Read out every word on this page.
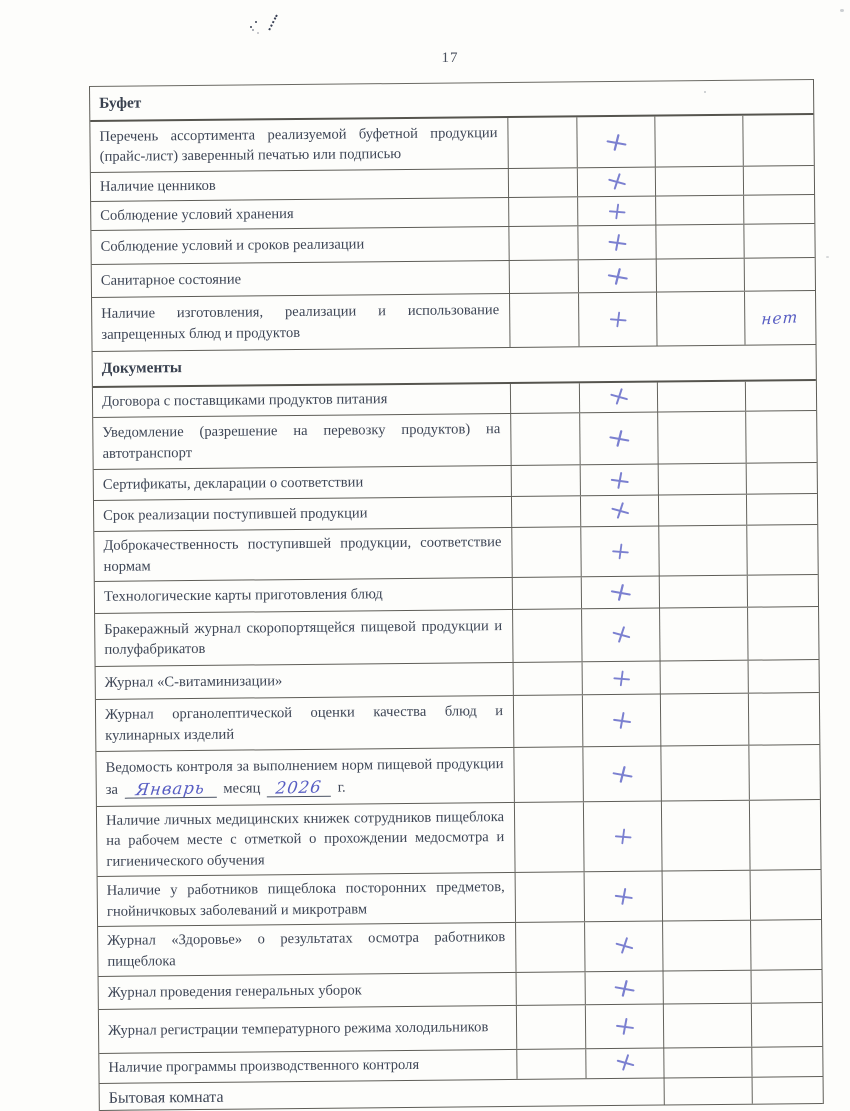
17
Буфет
Перечень ассортимента реализуемой буфетной продукции (прайс-лист) заверенный печатью или подписью
Наличие ценников
Соблюдение условий хранения
Соблюдение условий и сроков реализации
Санитарное состояние
Наличие изготовления, реализации и использование запрещенных блюд и продуктов
нет
Документы
Договора с поставщиками продуктов питания
Уведомление (разрешение на перевозку продуктов) на автотранспорт
Сертификаты, декларации о соответствии
Срок реализации поступившей продукции
Доброкачественность поступившей продукции, соответствие нормам
Технологические карты приготовления блюд
Бракеражный журнал скоропортящейся пищевой продукции и полуфабрикатов
Журнал «С-витаминизации»
Журнал органолептической оценки качества блюд и кулинарных изделий
Ведомость контроля за выполнением норм пищевой продукции за Январь месяц 2026 г.
Наличие личных медицинских книжек сотрудников пищеблока на рабочем месте с отметкой о прохождении медосмотра и гигиенического обучения
Наличие у работников пищеблока посторонних предметов, гнойничковых заболеваний и микротравм
Журнал «Здоровье» о результатах осмотра работников пищеблока
Журнал проведения генеральных уборок
Журнал регистрации температурного режима холодильников
Наличие программы производственного контроля
Бытовая комната
